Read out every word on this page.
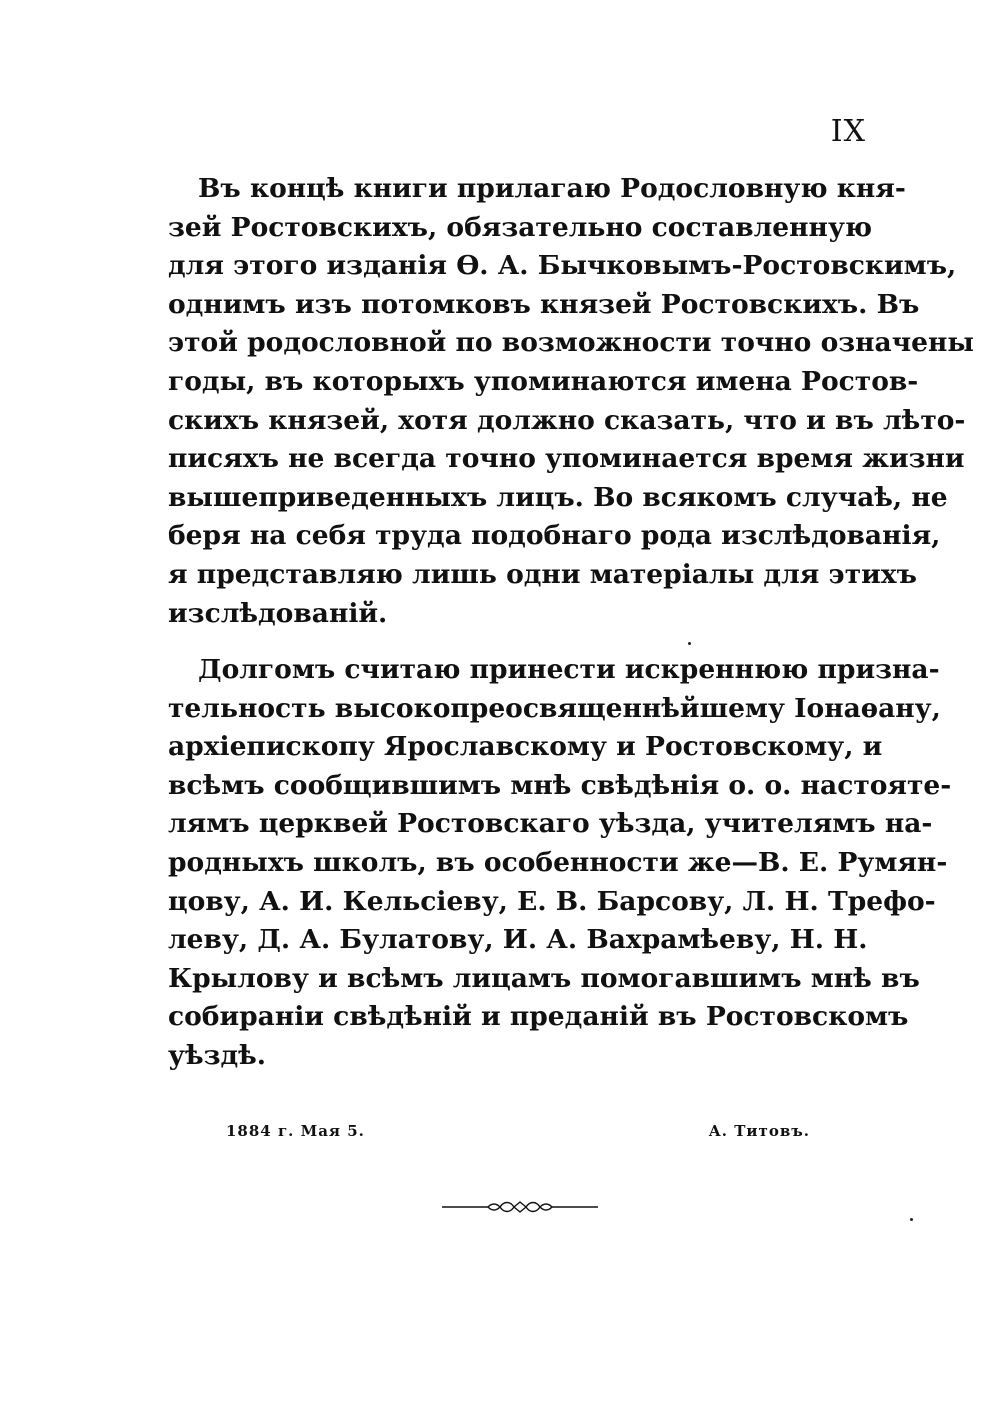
IX
Въ концѣ книги прилагаю Родословную кня-
зей Ростовскихъ, обязательно составленную
для этого изданія Ѳ. А. Бычковымъ-Ростовскимъ,
однимъ изъ потомковъ князей Ростовскихъ. Въ
этой родословной по возможности точно означены
годы, въ которыхъ упоминаются имена Ростов-
скихъ князей, хотя должно сказать, что и въ лѣто-
писяхъ не всегда точно упоминается время жизни
вышеприведенныхъ лицъ. Во всякомъ случаѣ, не
беря на себя труда подобнаго рода изслѣдованія,
я представляю лишь одни матеріалы для этихъ
изслѣдованій.
Долгомъ считаю принести искреннюю призна-
тельность высокопреосвященнѣйшему Іонаѳану,
архіепископу Ярославскому и Ростовскому, и
всѣмъ сообщившимъ мнѣ свѣдѣнія о. о. настояте-
лямъ церквей Ростовскаго уѣзда, учителямъ на-
родныхъ школъ, въ особенности же—В. Е. Румян-
цову, А. И. Кельсіеву, Е. В. Барсову, Л. Н. Трефо-
леву, Д. А. Булатову, И. А. Вахрамѣеву, Н. Н.
Крылову и всѣмъ лицамъ помогавшимъ мнѣ въ
собираніи свѣдѣній и преданій въ Ростовскомъ
уѣздѣ.
1884 г. Мая 5.	А. Титовъ.
